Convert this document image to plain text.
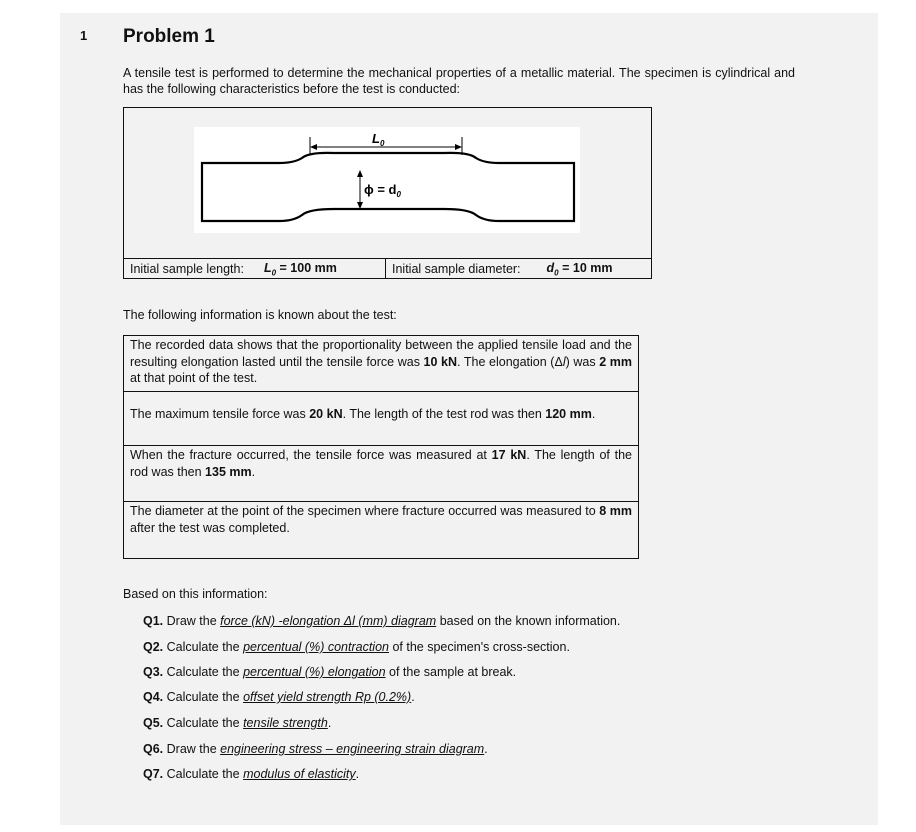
1 Problem 1
A tensile test is performed to determine the mechanical properties of a metallic material. The specimen is cylindrical and has the following characteristics before the test is conducted:
$L_0$
$\phi = d_0$
Initial sample length: $L_0 = 100$ mm	Initial sample diameter: $d_0 = 10$ mm
The following information is known about the test:
The recorded data shows that the proportionality between the applied tensile load and the resulting elongation lasted until the tensile force was 10 kN. The elongation (Δl) was 2 mm at that point of the test.
The maximum tensile force was 20 kN. The length of the test rod was then 120 mm.
When the fracture occurred, the tensile force was measured at 17 kN. The length of the rod was then 135 mm.
The diameter at the point of the specimen where fracture occurred was measured to 8 mm after the test was completed.
Based on this information:
Q1. Draw the force (kN) -elongation Δl (mm) diagram based on the known information.
Q2. Calculate the percentual (%) contraction of the specimen's cross-section.
Q3. Calculate the percentual (%) elongation of the sample at break.
Q4. Calculate the offset yield strength Rp (0.2%).
Q5. Calculate the tensile strength.
Q6. Draw the engineering stress – engineering strain diagram.
Q7. Calculate the modulus of elasticity.
